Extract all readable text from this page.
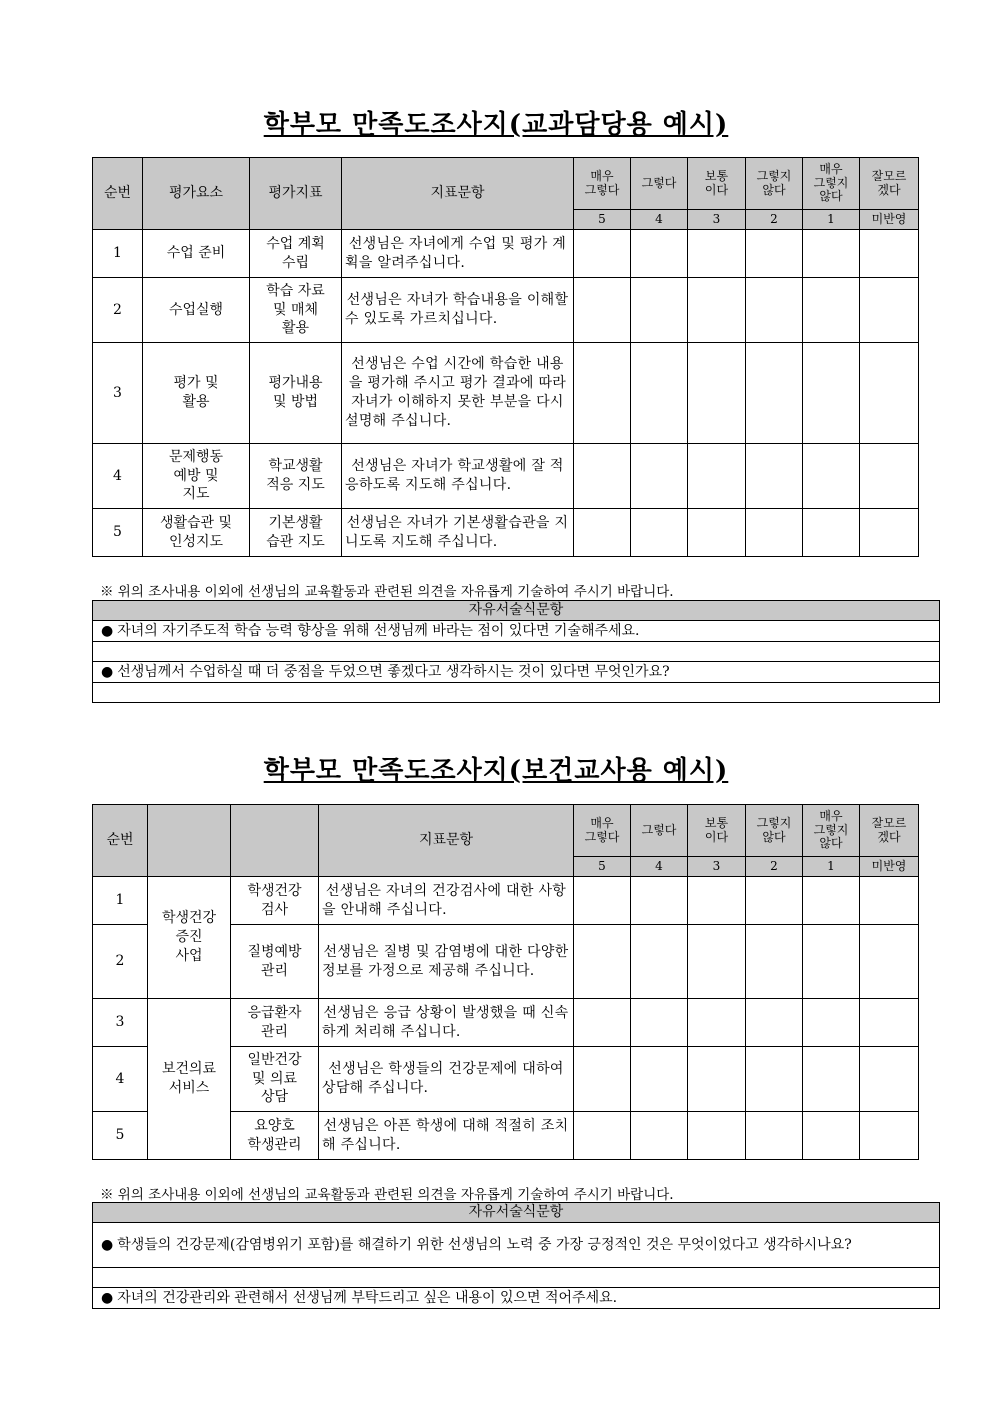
학부모 만족도조사지(교과담당용 예시)
순번	평가요소	평가지표	지표문항	매우
그렇다	그렇다	보통
이다	그렇지
않다	매우
그렇지
않다	잘모르
겠다
				5	4	3	2	1	미반영
1	수업 준비	수업 계획
수립	선생님은 자녀에게 수업 및 평가 계획을 알려주십니다.						
2	수업실행	학습 자료
및 매체
활용	선생님은 자녀가 학습내용을 이해할 수 있도록 가르치십니다.						
3	평가 및
활용	평가내용
및 방법	선생님은 수업 시간에 학습한 내용을 평가해 주시고 평가 결과에 따라 자녀가 이해하지 못한 부분을 다시 설명해 주십니다.						
4	문제행동
예방 및
지도	학교생활
적응 지도	선생님은 자녀가 학교생활에 잘 적응하도록 지도해 주십니다.						
5	생활습관 및
인성지도	기본생활
습관 지도	선생님은 자녀가 기본생활습관을 지니도록 지도해 주십니다.						
※ 위의 조사내용 이외에 선생님의 교육활동과 관련된 의견을 자유롭게 기술하여 주시기 바랍니다.
자유서술식문항
● 자녀의 자기주도적 학습 능력 향상을 위해 선생님께 바라는 점이 있다면 기술해주세요.

● 선생님께서 수업하실 때 더 중점을 두었으면 좋겠다고 생각하시는 것이 있다면 무엇인가요?

학부모 만족도조사지(보건교사용 예시)
순번			지표문항	매우
그렇다	그렇다	보통
이다	그렇지
않다	매우
그렇지
않다	잘모르
겠다
				5	4	3	2	1	미반영
1	학생건강
증진
사업	학생건강
검사	선생님은 자녀의 건강검사에 대한 사항을 안내해 주십니다.						
2		질병예방
관리	선생님은 질병 및 감염병에 대한 다양한 정보를 가정으로 제공해 주십니다.						
3	보건의료
서비스	응급환자
관리	선생님은 응급 상황이 발생했을 때 신속하게 처리해 주십니다.						
4		일반건강
및 의료
상담	선생님은 학생들의 건강문제에 대하여 상담해 주십니다.						
5		요양호
학생관리	선생님은 아픈 학생에 대해 적절히 조치해 주십니다.						
※ 위의 조사내용 이외에 선생님의 교육활동과 관련된 의견을 자유롭게 기술하여 주시기 바랍니다.
자유서술식문항
● 학생들의 건강문제(감염병위기 포함)를 해결하기 위한 선생님의 노력 중 가장 긍정적인 것은 무엇이었다고 생각하시나요?

● 자녀의 건강관리와 관련해서 선생님께 부탁드리고 싶은 내용이 있으면 적어주세요.
